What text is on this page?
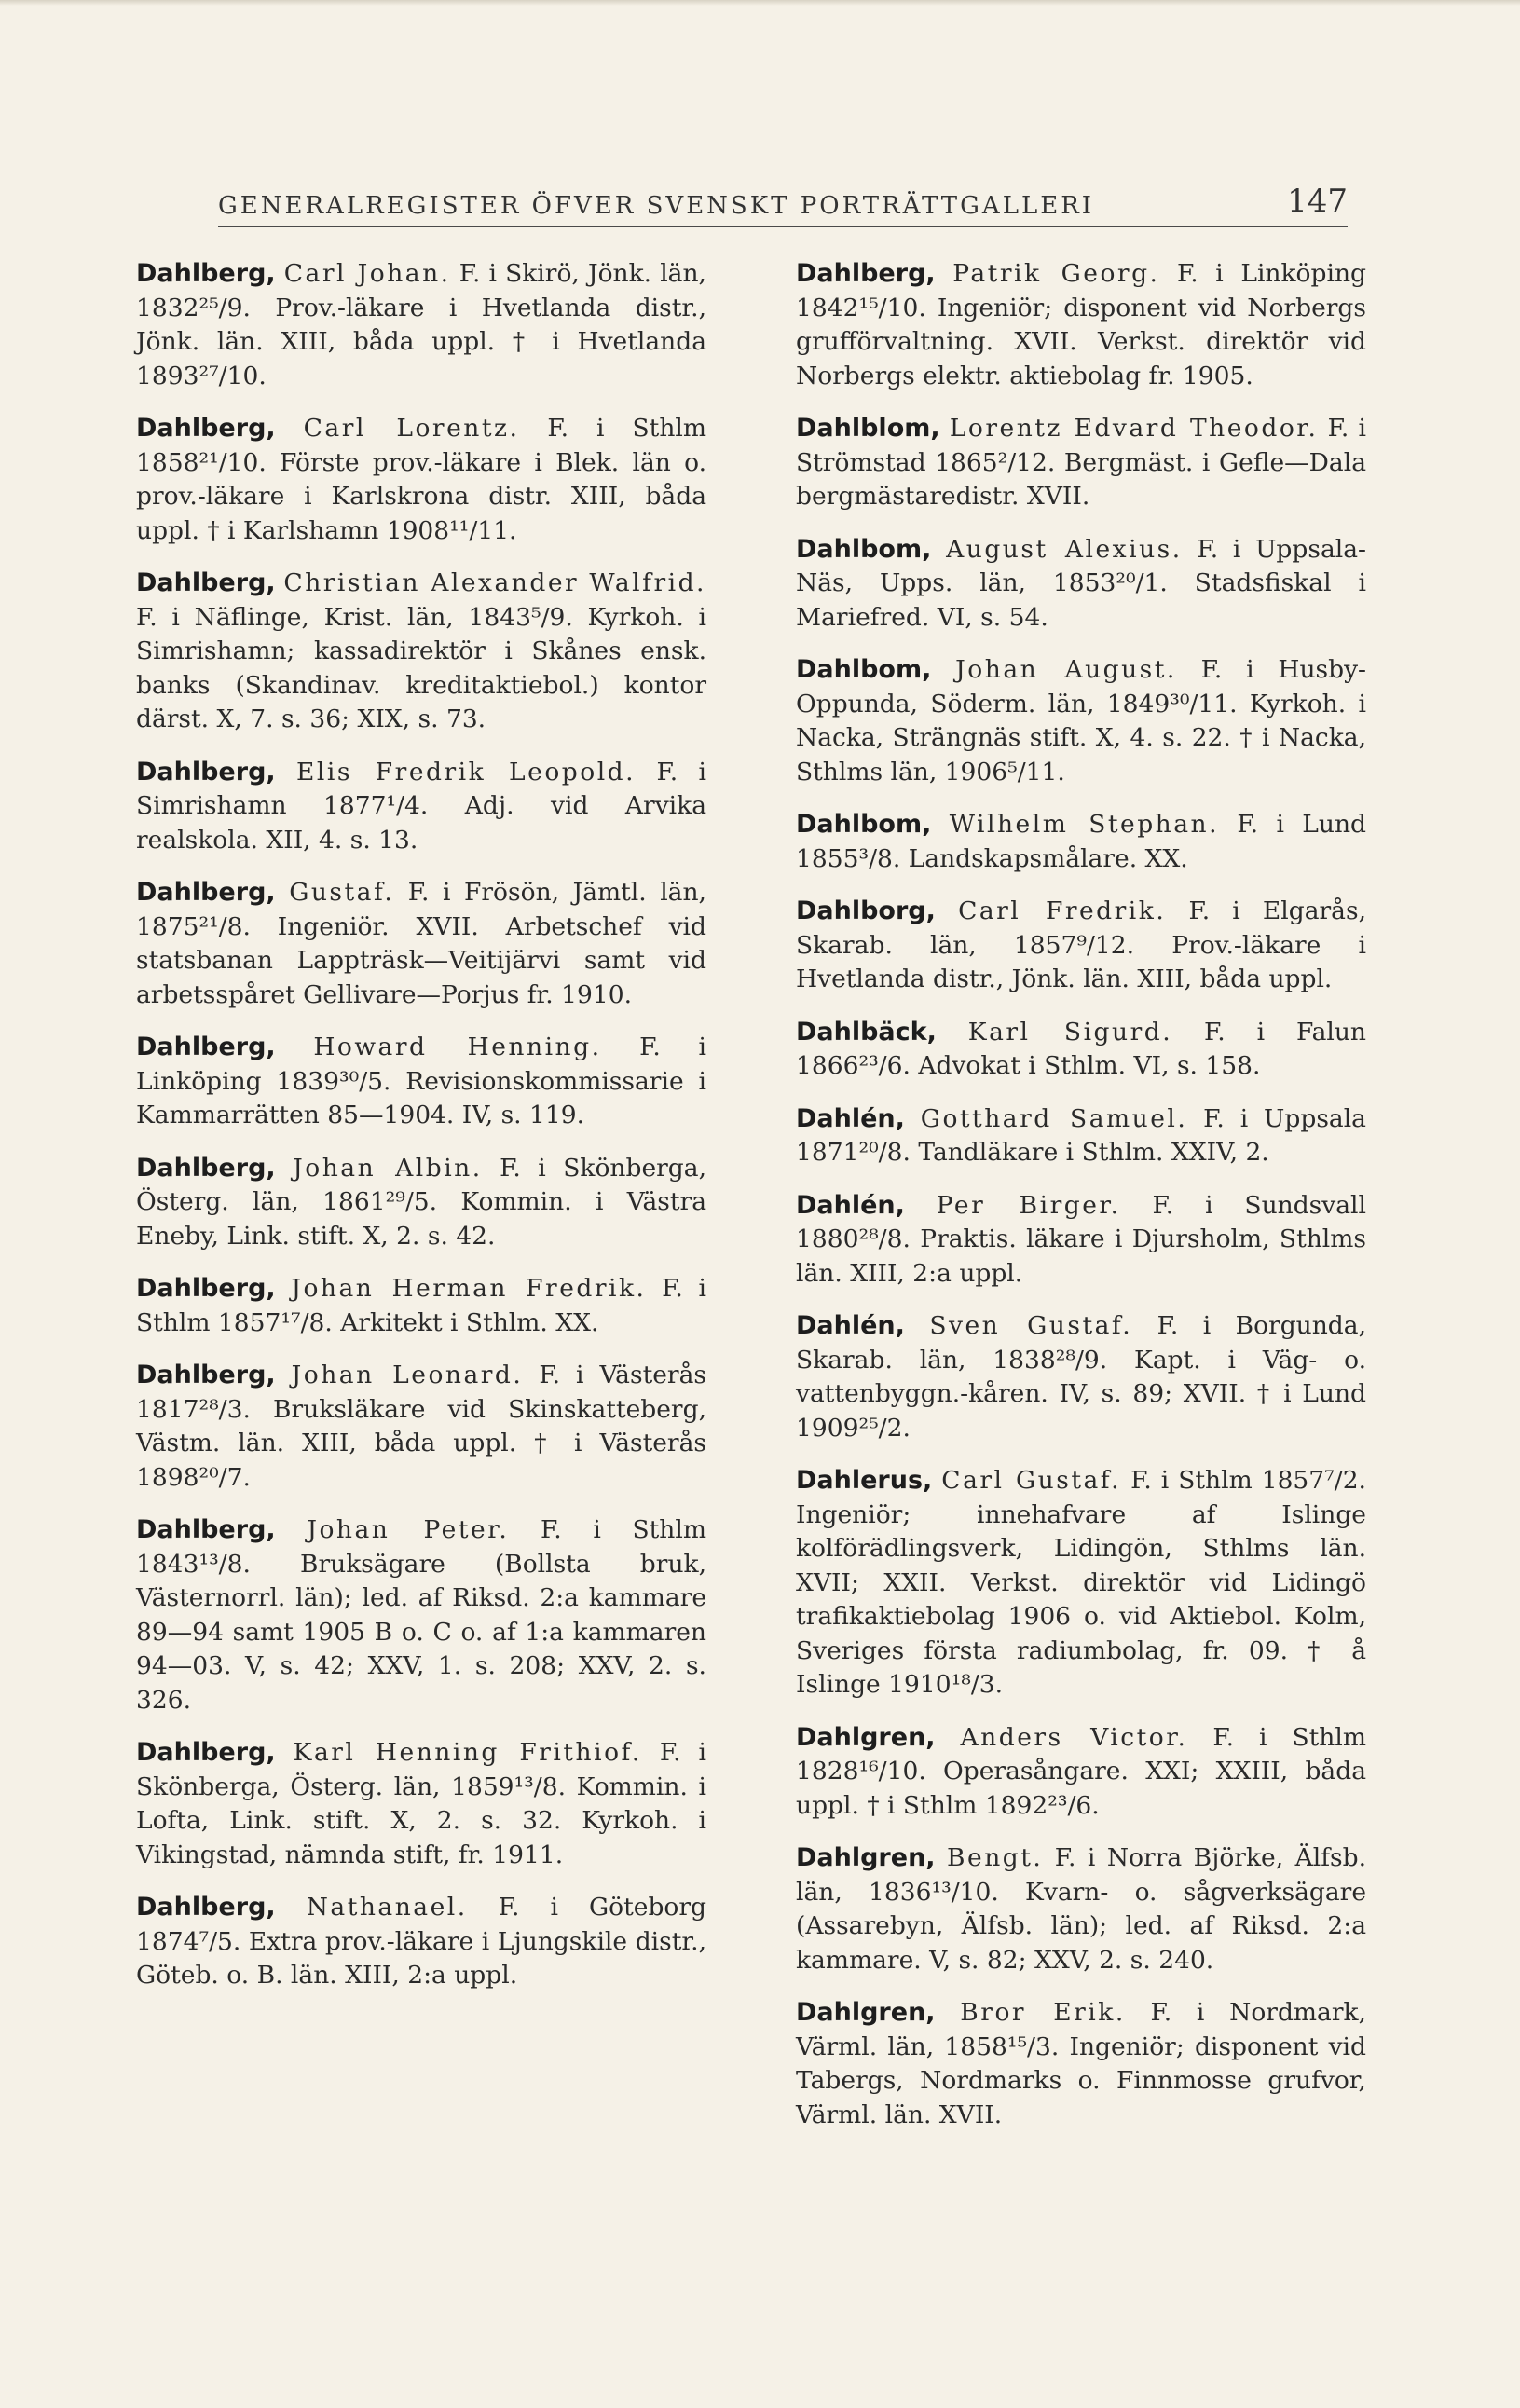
GENERALREGISTER ÖFVER SVENSKT PORTRÄTTGALLERI	147

Dahlberg, Carl Johan. F. i Skirö, Jönk. län, 1832²⁵/9. Prov.-läkare i Hvetlanda distr., Jönk. län. XIII, båda uppl. † i Hvetlanda 1893²⁷/10.

Dahlberg, Carl Lorentz. F. i Sthlm 1858²¹/10. Förste prov.-läkare i Blek. län o. prov.-läkare i Karlskrona distr. XIII, båda uppl. † i Karlshamn 1908¹¹/11.

Dahlberg, Christian Alexander Walfrid. F. i Näflinge, Krist. län, 1843⁵/9. Kyrkoh. i Simrishamn; kassadirektör i Skånes ensk. banks (Skandinav. kreditaktiebol.) kontor därst. X, 7. s. 36; XIX, s. 73.

Dahlberg, Elis Fredrik Leopold. F. i Simrishamn 1877¹/4. Adj. vid Arvika realskola. XII, 4. s. 13.

Dahlberg, Gustaf. F. i Frösön, Jämtl. län, 1875²¹/8. Ingeniör. XVII. Arbetschef vid statsbanan Lappträsk—Veitijärvi samt vid arbetsspåret Gellivare—Porjus fr. 1910.

Dahlberg, Howard Henning. F. i Linköping 1839³⁰/5. Revisionskommissarie i Kammarrätten 85—1904. IV, s. 119.

Dahlberg, Johan Albin. F. i Skönberga, Österg. län, 1861²⁹/5. Kommin. i Västra Eneby, Link. stift. X, 2. s. 42.

Dahlberg, Johan Herman Fredrik. F. i Sthlm 1857¹⁷/8. Arkitekt i Sthlm. XX.

Dahlberg, Johan Leonard. F. i Västerås 1817²⁸/3. Bruksläkare vid Skinskatteberg, Västm. län. XIII, båda uppl. † i Västerås 1898²⁰/7.

Dahlberg, Johan Peter. F. i Sthlm 1843¹³/8. Bruksägare (Bollsta bruk, Västernorrl. län); led. af Riksd. 2:a kammare 89—94 samt 1905 B o. C o. af 1:a kammaren 94—03. V, s. 42; XXV, 1. s. 208; XXV, 2. s. 326.

Dahlberg, Karl Henning Frithiof. F. i Skönberga, Österg. län, 1859¹³/8. Kommin. i Lofta, Link. stift. X, 2. s. 32. Kyrkoh. i Vikingstad, nämnda stift, fr. 1911.

Dahlberg, Nathanael. F. i Göteborg 1874⁷/5. Extra prov.-läkare i Ljungskile distr., Göteb. o. B. län. XIII, 2:a uppl.

Dahlberg, Patrik Georg. F. i Linköping 1842¹⁵/10. Ingeniör; disponent vid Norbergs grufförvaltning. XVII. Verkst. direktör vid Norbergs elektr. aktiebolag fr. 1905.

Dahlblom, Lorentz Edvard Theodor. F. i Strömstad 1865²/12. Bergmäst. i Gefle—Dala bergmästaredistr. XVII.

Dahlbom, August Alexius. F. i Uppsala-Näs, Upps. län, 1853²⁰/1. Stadsfiskal i Mariefred. VI, s. 54.

Dahlbom, Johan August. F. i Husby-Oppunda, Söderm. län, 1849³⁰/11. Kyrkoh. i Nacka, Strängnäs stift. X, 4. s. 22. † i Nacka, Sthlms län, 1906⁵/11.

Dahlbom, Wilhelm Stephan. F. i Lund 1855³/8. Landskapsmålare. XX.

Dahlborg, Carl Fredrik. F. i Elgarås, Skarab. län, 1857⁹/12. Prov.-läkare i Hvetlanda distr., Jönk. län. XIII, båda uppl.

Dahlbäck, Karl Sigurd. F. i Falun 1866²³/6. Advokat i Sthlm. VI, s. 158.

Dahlén, Gotthard Samuel. F. i Uppsala 1871²⁰/8. Tandläkare i Sthlm. XXIV, 2.

Dahlén, Per Birger. F. i Sundsvall 1880²⁸/8. Praktis. läkare i Djursholm, Sthlms län. XIII, 2:a uppl.

Dahlén, Sven Gustaf. F. i Borgunda, Skarab. län, 1838²⁸/9. Kapt. i Väg- o. vattenbyggn.-kåren. IV, s. 89; XVII. † i Lund 1909²⁵/2.

Dahlerus, Carl Gustaf. F. i Sthlm 1857⁷/2. Ingeniör; innehafvare af Islinge kolförädlingsverk, Lidingön, Sthlms län. XVII; XXII. Verkst. direktör vid Lidingö trafikaktiebolag 1906 o. vid Aktiebol. Kolm, Sveriges första radiumbolag, fr. 09. † å Islinge 1910¹⁸/3.

Dahlgren, Anders Victor. F. i Sthlm 1828¹⁶/10. Operasångare. XXI; XXIII, båda uppl. † i Sthlm 1892²³/6.

Dahlgren, Bengt. F. i Norra Björke, Älfsb. län, 1836¹³/10. Kvarn- o. sågverksägare (Assarebyn, Älfsb. län); led. af Riksd. 2:a kammare. V, s. 82; XXV, 2. s. 240.

Dahlgren, Bror Erik. F. i Nordmark, Värml. län, 1858¹⁵/3. Ingeniör; disponent vid Tabergs, Nordmarks o. Finnmosse grufvor, Värml. län. XVII.
